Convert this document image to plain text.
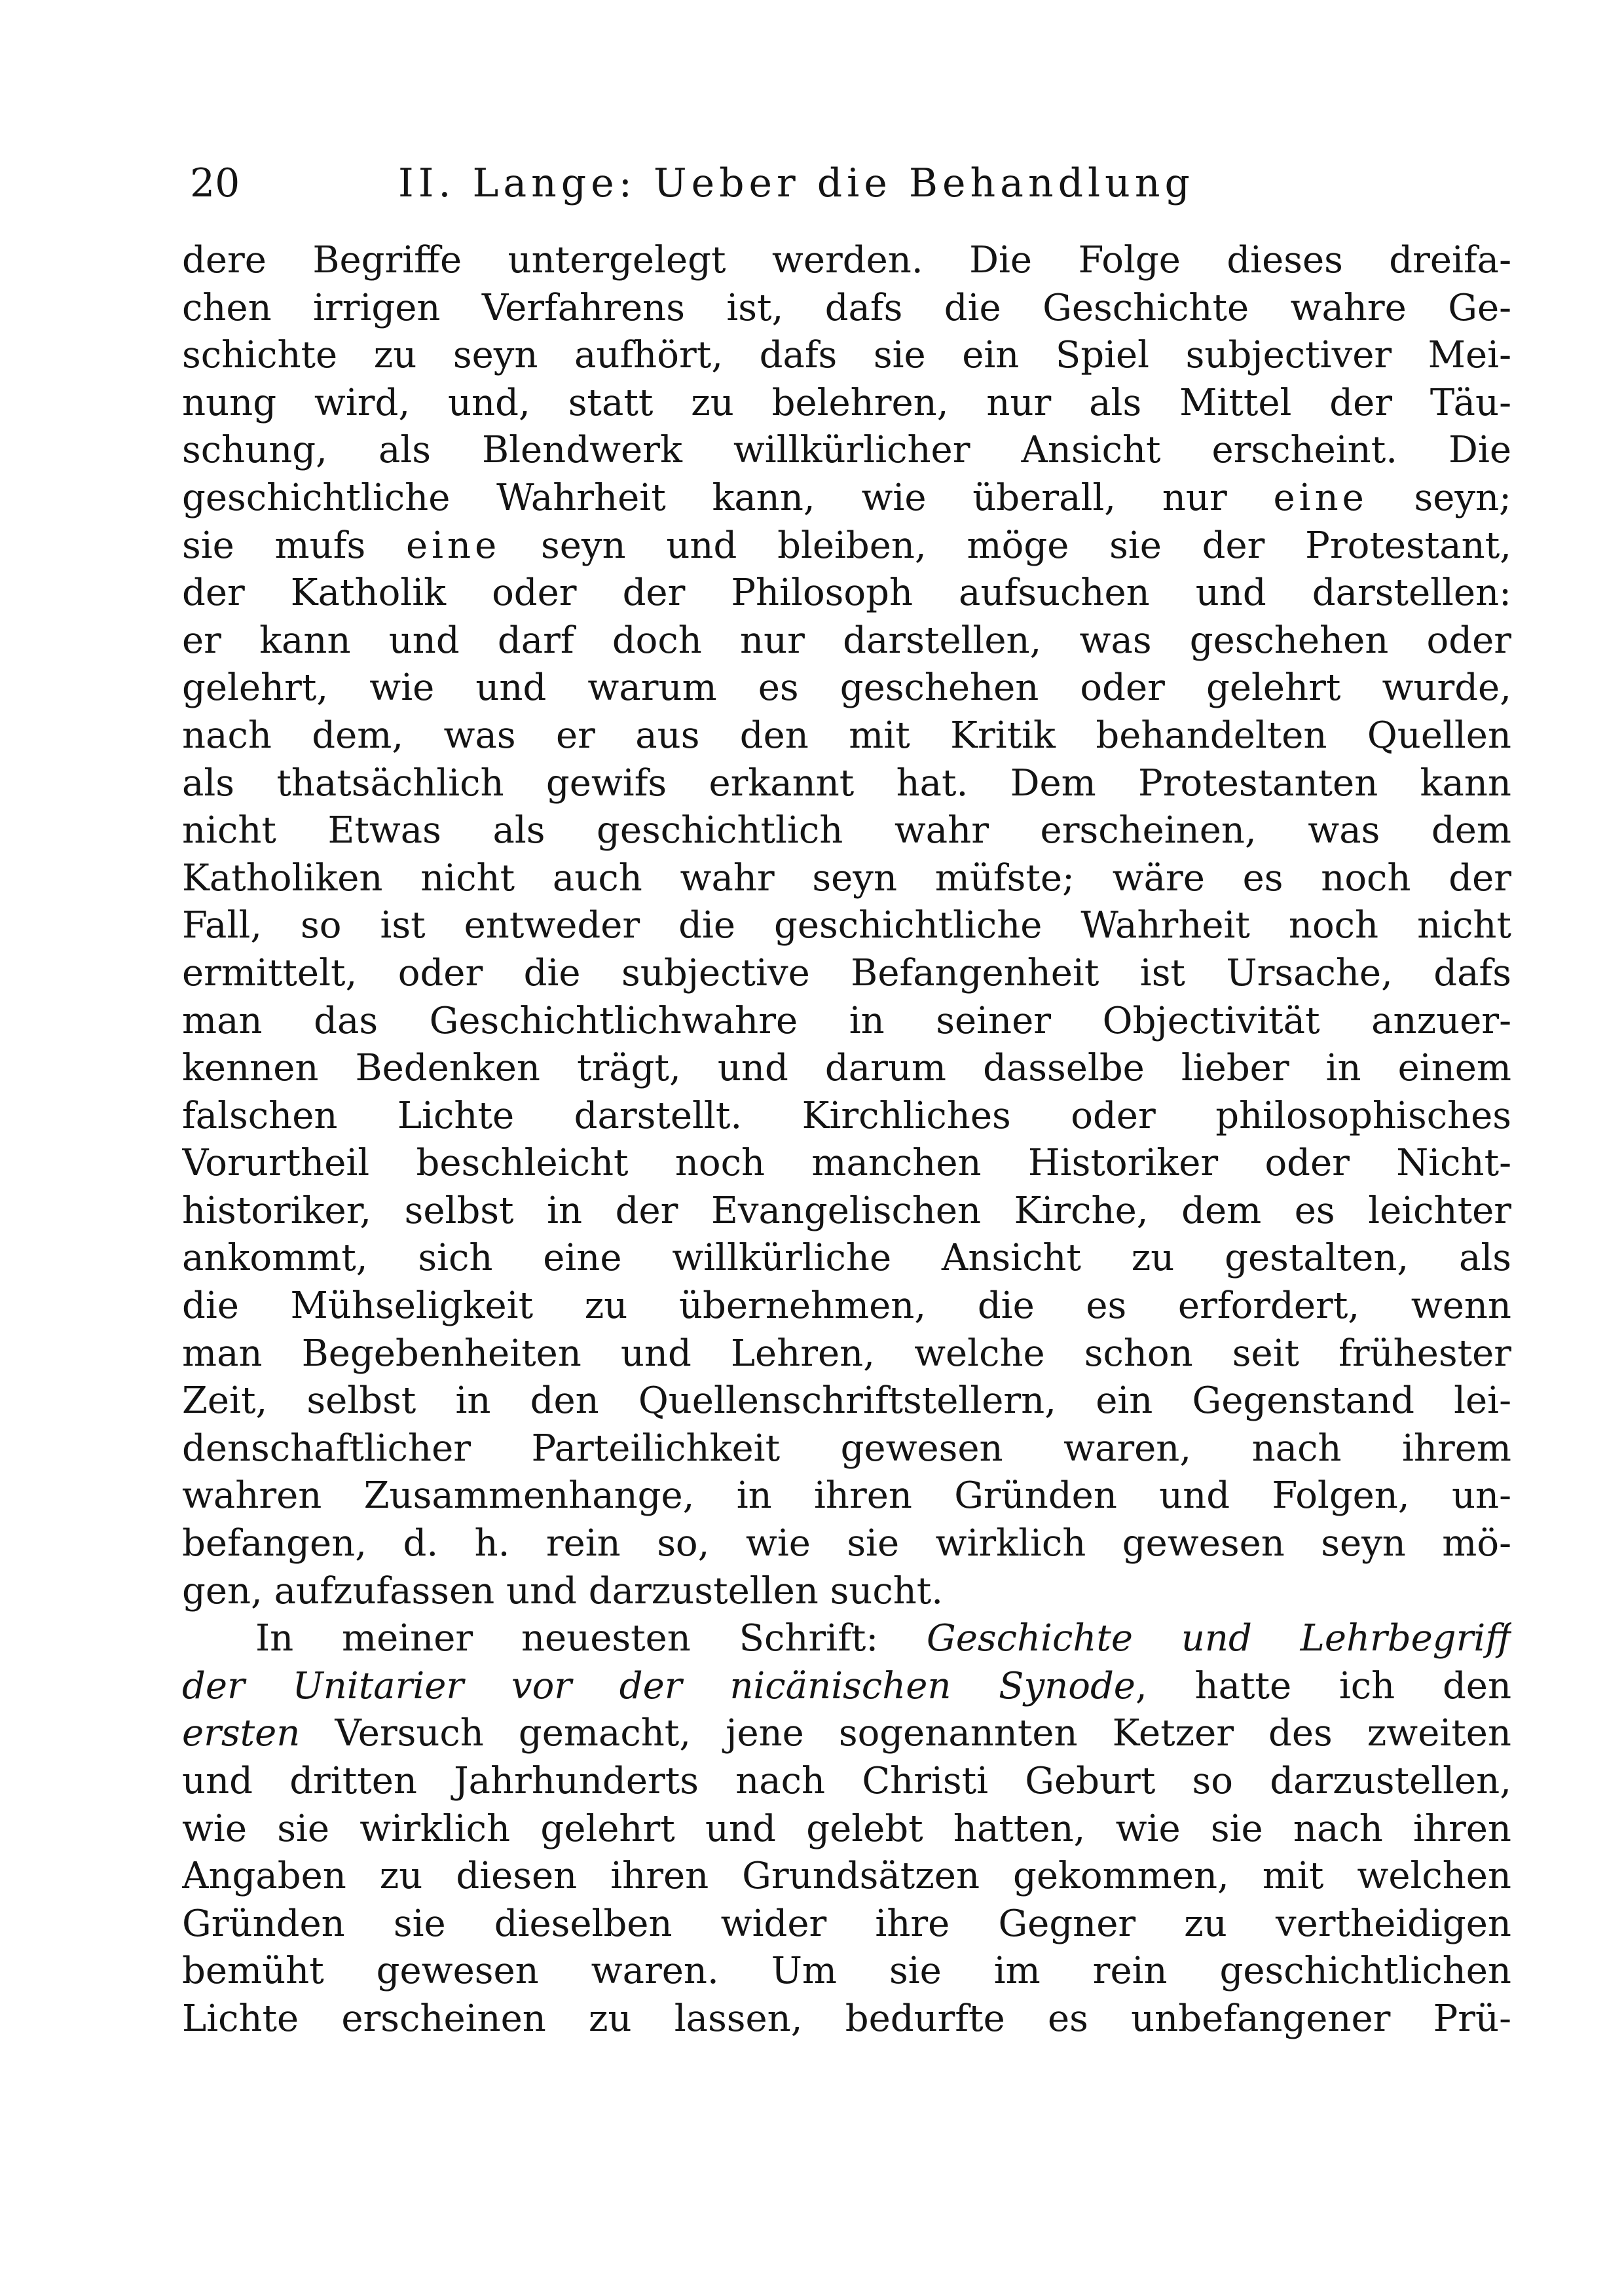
20	II. Lange: Ueber die Behandlung
dere Begriffe untergelegt werden. Die Folge dieses dreifa-
chen irrigen Verfahrens ist, dafs die Geschichte wahre Ge-
schichte zu seyn aufhört, dafs sie ein Spiel subjectiver Mei-
nung wird, und, statt zu belehren, nur als Mittel der Täu-
schung, als Blendwerk willkürlicher Ansicht erscheint. Die
geschichtliche Wahrheit kann, wie überall, nur eine seyn;
sie mufs eine seyn und bleiben, möge sie der Protestant,
der Katholik oder der Philosoph aufsuchen und darstellen:
er kann und darf doch nur darstellen, was geschehen oder
gelehrt, wie und warum es geschehen oder gelehrt wurde,
nach dem, was er aus den mit Kritik behandelten Quellen
als thatsächlich gewifs erkannt hat. Dem Protestanten kann
nicht Etwas als geschichtlich wahr erscheinen, was dem
Katholiken nicht auch wahr seyn müfste; wäre es noch der
Fall, so ist entweder die geschichtliche Wahrheit noch nicht
ermittelt, oder die subjective Befangenheit ist Ursache, dafs
man das Geschichtlichwahre in seiner Objectivität anzuer-
kennen Bedenken trägt, und darum dasselbe lieber in einem
falschen Lichte darstellt. Kirchliches oder philosophisches
Vorurtheil beschleicht noch manchen Historiker oder Nicht-
historiker, selbst in der Evangelischen Kirche, dem es leichter
ankommt, sich eine willkürliche Ansicht zu gestalten, als
die Mühseligkeit zu übernehmen, die es erfordert, wenn
man Begebenheiten und Lehren, welche schon seit frühester
Zeit, selbst in den Quellenschriftstellern, ein Gegenstand lei-
denschaftlicher Parteilichkeit gewesen waren, nach ihrem
wahren Zusammenhange, in ihren Gründen und Folgen, un-
befangen, d. h. rein so, wie sie wirklich gewesen seyn mö-
gen, aufzufassen und darzustellen sucht.
In meiner neuesten Schrift: Geschichte und Lehrbegriff
der Unitarier vor der nicänischen Synode, hatte ich den
ersten Versuch gemacht, jene sogenannten Ketzer des zweiten
und dritten Jahrhunderts nach Christi Geburt so darzustellen,
wie sie wirklich gelehrt und gelebt hatten, wie sie nach ihren
Angaben zu diesen ihren Grundsätzen gekommen, mit welchen
Gründen sie dieselben wider ihre Gegner zu vertheidigen
bemüht gewesen waren. Um sie im rein geschichtlichen
Lichte erscheinen zu lassen, bedurfte es unbefangener Prü-
